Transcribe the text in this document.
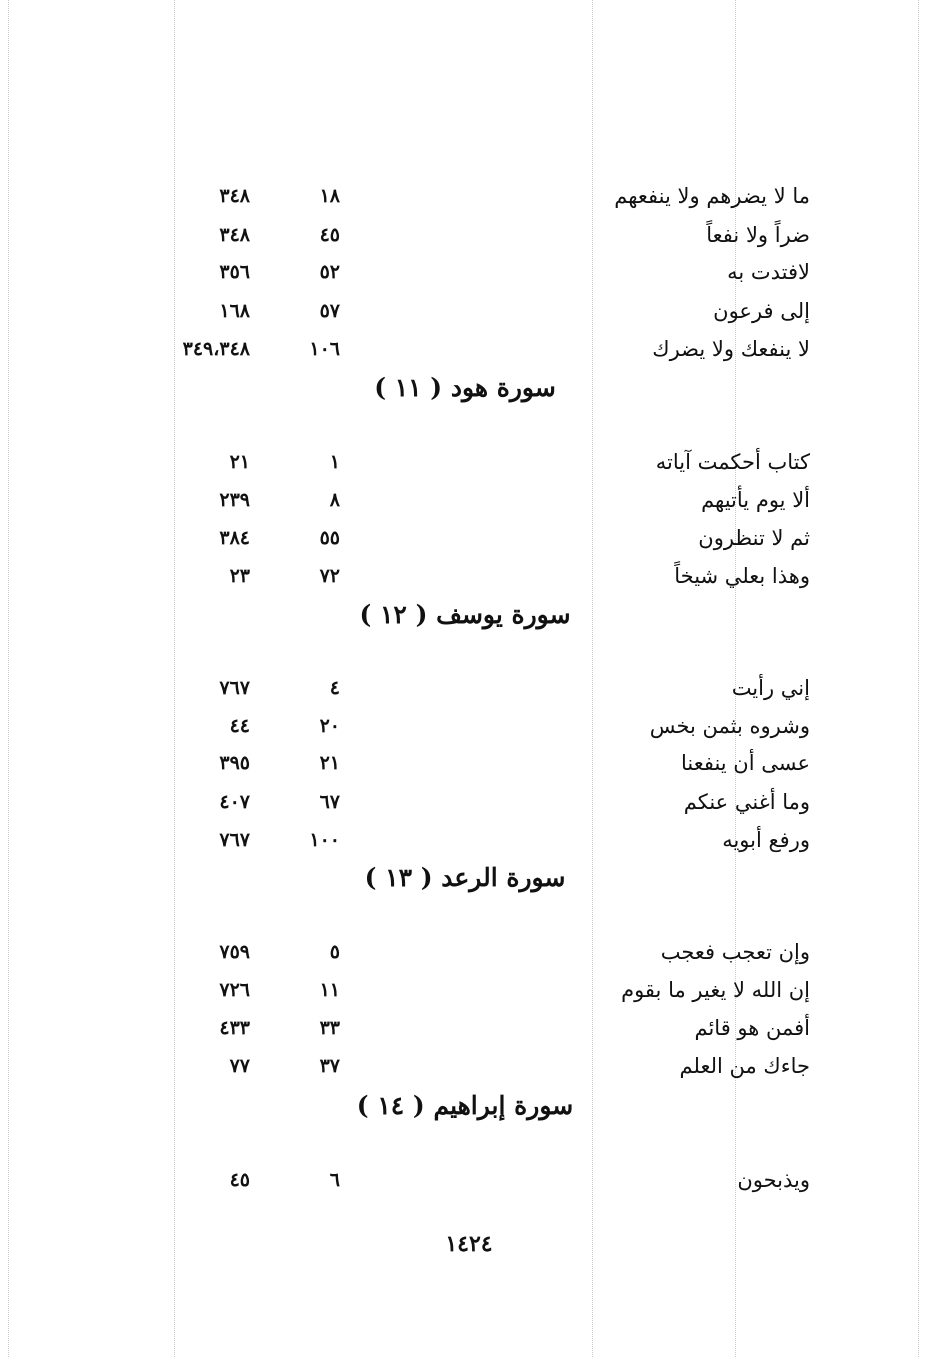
ما لا يضرهم ولا ينفعهم
١٨
٣٤٨
ضراً ولا نفعاً
٤٥
٣٤٨
لافتدت به
٥٢
٣٥٦
إلى فرعون
٥٧
١٦٨
لا ينفعك ولا يضرك
١٠٦
٣٤٩،٣٤٨
سورة هود ( ١١ )
كتاب أحكمت آياته
١
٢١
ألا يوم يأتيهم
٨
٢٣٩
ثم لا تنظرون
٥٥
٣٨٤
وهذا بعلي شيخاً
٧٢
٢٣
سورة يوسف ( ١٢ )
إني رأيت
٤
٧٦٧
وشروه بثمن بخس
٢٠
٤٤
عسى أن ينفعنا
٢١
٣٩٥
وما أغني عنكم
٦٧
٤٠٧
ورفع أبويه
١٠٠
٧٦٧
سورة الرعد ( ١٣ )
وإن تعجب فعجب
٥
٧٥٩
إن الله لا يغير ما بقوم
١١
٧٢٦
أفمن هو قائم
٣٣
٤٣٣
جاءك من العلم
٣٧
٧٧
سورة إبراهيم ( ١٤ )
ويذبحون
٦
٤٥
١٤٢٤
